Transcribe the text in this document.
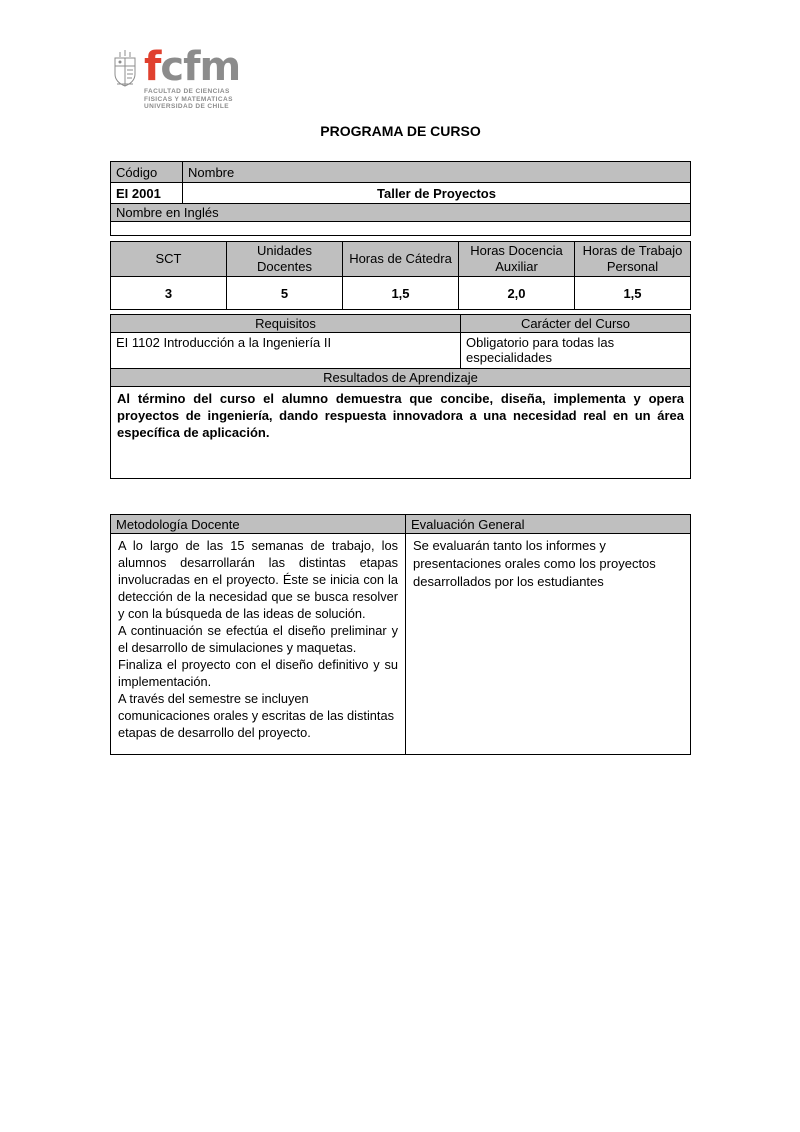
fcfm
FACULTAD DE CIENCIAS
FISICAS Y MATEMATICAS
UNIVERSIDAD DE CHILE
PROGRAMA DE CURSO
Código	Nombre
EI 2001	Taller de Proyectos
Nombre en Inglés	

SCT	Unidades Docentes	Horas de Cátedra	Horas Docencia Auxiliar	Horas de Trabajo Personal
3	5	1,5	2,0	1,5
Requisitos	Carácter del Curso
EI 1102 Introducción a la Ingeniería II	Obligatorio para todas las especialidades
Resultados de Aprendizaje	

Al término del curso el alumno demuestra que concibe, diseña, implementa y opera proyectos de ingeniería, dando respuesta innovadora a una necesidad real en un área específica de aplicación.	

Metodología Docente	Evaluación General

A lo largo de las 15 semanas de trabajo, los alumnos desarrollarán las distintas etapas involucradas en el proyecto. Éste se inicia con la detección de la necesidad que se busca resolver y con la búsqueda de las ideas de solución.

A continuación se efectúa el diseño preliminar y el desarrollo de simulaciones y maquetas.

Finaliza el proyecto con el diseño definitivo y su implementación.

A través del semestre se incluyen comunicaciones orales y escritas de las distintas etapas de desarrollo del proyecto.	Se evaluarán tanto los informes y presentaciones orales como los proyectos desarrollados por los estudiantes
